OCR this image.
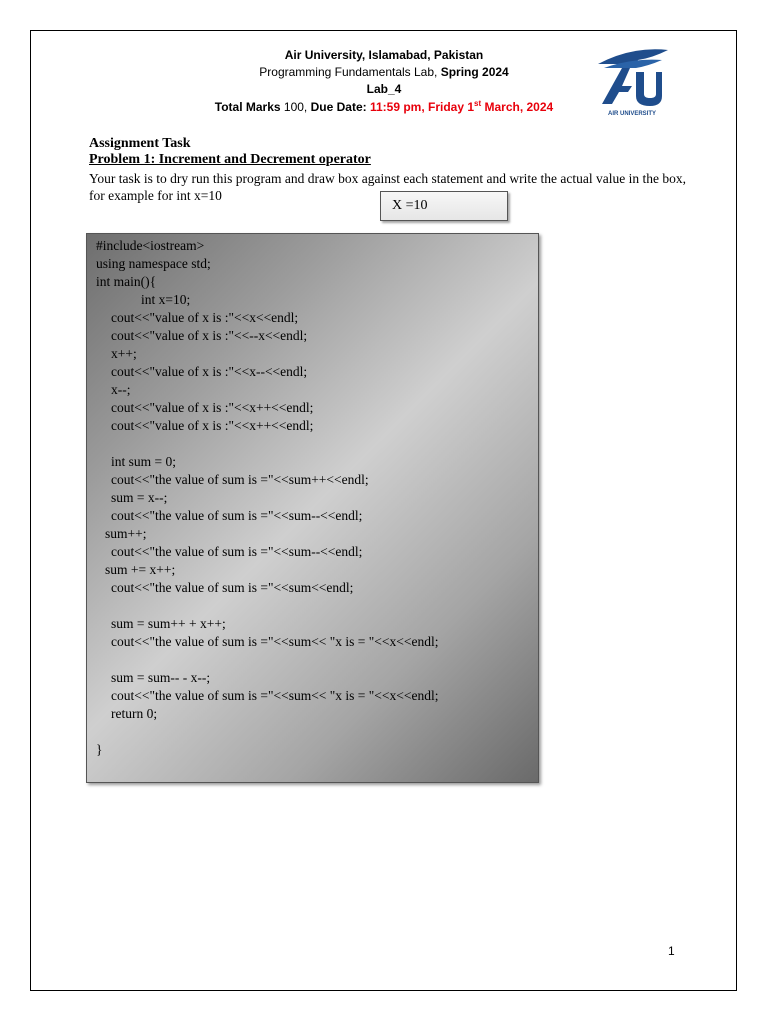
Air University, Islamabad, Pakistan
Programming Fundamentals Lab, Spring 2024
Lab_4
Total Marks 100, Due Date: 11:59 pm, Friday 1st March, 2024	AIR UNIVERSITY
Assignment Task
Problem 1: Increment and Decrement operator
Your task is to dry run this program and draw box against each statement and write the actual value in the box, for example for int x=10
X =10
#include<iostream>
using namespace std;
int main(){
int x=10;
cout<<"value of x is :"<<x<<endl;
cout<<"value of x is :"<<--x<<endl;
x++;
cout<<"value of x is :"<<x--<<endl;
x--;
cout<<"value of x is :"<<x++<<endl;
cout<<"value of x is :"<<x++<<endl;
int sum = 0;
cout<<"the value of sum is ="<<sum++<<endl;
sum = x--;
cout<<"the value of sum is ="<<sum--<<endl;
sum++;
cout<<"the value of sum is ="<<sum--<<endl;
sum += x++;
cout<<"the value of sum is ="<<sum<<endl;
sum = sum++ + x++;
cout<<"the value of sum is ="<<sum<< "x is = "<<x<<endl;
sum = sum-- - x--;
cout<<"the value of sum is ="<<sum<< "x is = "<<x<<endl;
return 0;
}
1
